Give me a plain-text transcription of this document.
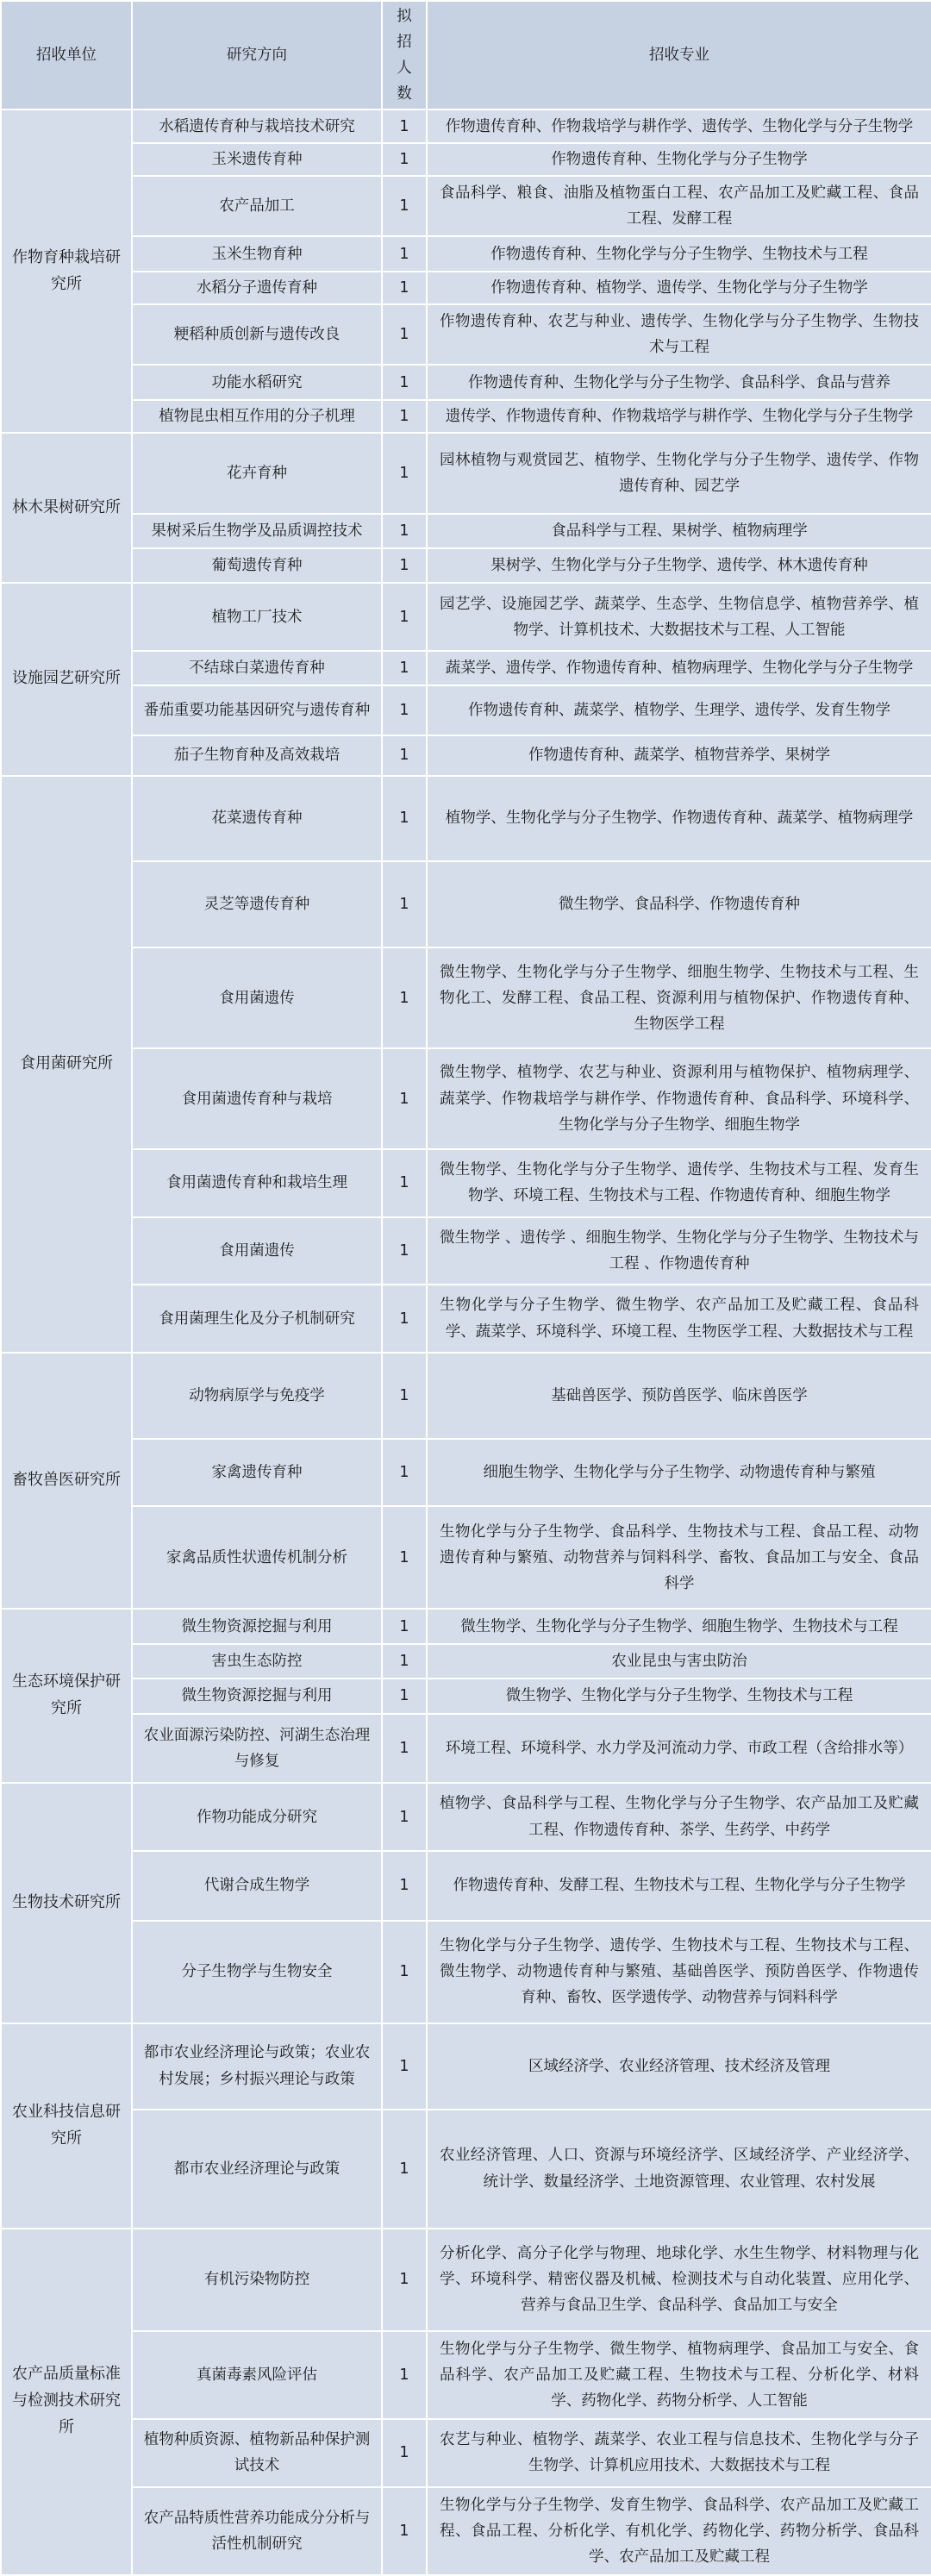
招收单位	研究方向	拟招人数	招收专业
作物育种栽培研究所	水稻遗传育种与栽培技术研究	1	作物遗传育种、作物栽培学与耕作学、遗传学、生物化学与分子生物学
	玉米遗传育种	1	作物遗传育种、生物化学与分子生物学
	农产品加工	1	食品科学、粮食、油脂及植物蛋白工程、农产品加工及贮藏工程、食品工程、发酵工程
	玉米生物育种	1	作物遗传育种、生物化学与分子生物学、生物技术与工程
	水稻分子遗传育种	1	作物遗传育种、植物学、遗传学、生物化学与分子生物学
	粳稻种质创新与遗传改良	1	作物遗传育种、农艺与种业、遗传学、生物化学与分子生物学、生物技术与工程
	功能水稻研究	1	作物遗传育种、生物化学与分子生物学、食品科学、食品与营养
	植物昆虫相互作用的分子机理	1	遗传学、作物遗传育种、作物栽培学与耕作学、生物化学与分子生物学
林木果树研究所	花卉育种	1	园林植物与观赏园艺、植物学、生物化学与分子生物学、遗传学、作物遗传育种、园艺学
	果树采后生物学及品质调控技术	1	食品科学与工程、果树学、植物病理学
	葡萄遗传育种	1	果树学、生物化学与分子生物学、遗传学、林木遗传育种
设施园艺研究所	植物工厂技术	1	园艺学、设施园艺学、蔬菜学、生态学、生物信息学、植物营养学、植物学、计算机技术、大数据技术与工程、人工智能
	不结球白菜遗传育种	1	蔬菜学、遗传学、作物遗传育种、植物病理学、生物化学与分子生物学
	番茄重要功能基因研究与遗传育种	1	作物遗传育种、蔬菜学、植物学、生理学、遗传学、发育生物学
	茄子生物育种及高效栽培	1	作物遗传育种、蔬菜学、植物营养学、果树学
食用菌研究所	花菜遗传育种	1	植物学、生物化学与分子生物学、作物遗传育种、蔬菜学、植物病理学
	灵芝等遗传育种	1	微生物学、食品科学、作物遗传育种
	食用菌遗传	1	微生物学、生物化学与分子生物学、细胞生物学、生物技术与工程、生物化工、发酵工程、食品工程、资源利用与植物保护、作物遗传育种、生物医学工程
	食用菌遗传育种与栽培	1	微生物学、植物学、农艺与种业、资源利用与植物保护、植物病理学、蔬菜学、作物栽培学与耕作学、作物遗传育种、食品科学、环境科学、生物化学与分子生物学、细胞生物学
	食用菌遗传育种和栽培生理	1	微生物学、生物化学与分子生物学、遗传学、生物技术与工程、发育生物学、环境工程、生物技术与工程、作物遗传育种、细胞生物学
	食用菌遗传	1	微生物学 、遗传学 、细胞生物学、生物化学与分子生物学、生物技术与工程 、作物遗传育种
	食用菌理生化及分子机制研究	1	生物化学与分子生物学、微生物学、农产品加工及贮藏工程、食品科学、蔬菜学、环境科学、环境工程、生物医学工程、大数据技术与工程
畜牧兽医研究所	动物病原学与免疫学	1	基础兽医学、预防兽医学、临床兽医学
	家禽遗传育种	1	细胞生物学、生物化学与分子生物学、动物遗传育种与繁殖
	家禽品质性状遗传机制分析	1	生物化学与分子生物学、食品科学、生物技术与工程、食品工程、动物遗传育种与繁殖、动物营养与饲料科学、畜牧、食品加工与安全、食品科学
生态环境保护研究所	微生物资源挖掘与利用	1	微生物学、生物化学与分子生物学、细胞生物学、生物技术与工程
	害虫生态防控	1	农业昆虫与害虫防治
	微生物资源挖掘与利用	1	微生物学、生物化学与分子生物学、生物技术与工程
	农业面源污染防控、河湖生态治理与修复	1	环境工程、环境科学、水力学及河流动力学、市政工程（含给排水等）
生物技术研究所	作物功能成分研究	1	植物学、食品科学与工程、生物化学与分子生物学、农产品加工及贮藏工程、作物遗传育种、茶学、生药学、中药学
	代谢合成生物学	1	作物遗传育种、发酵工程、生物技术与工程、生物化学与分子生物学
	分子生物学与生物安全	1	生物化学与分子生物学、遗传学、生物技术与工程、生物技术与工程、微生物学、动物遗传育种与繁殖、基础兽医学、预防兽医学、作物遗传育种、畜牧、医学遗传学、动物营养与饲料科学
农业科技信息研究所	都市农业经济理论与政策；农业农村发展；乡村振兴理论与政策	1	区域经济学、农业经济管理、技术经济及管理
	都市农业经济理论与政策	1	农业经济管理、人口、资源与环境经济学、区域经济学、产业经济学、统计学、数量经济学、土地资源管理、农业管理、农村发展
农产品质量标准与检测技术研究所	有机污染物防控	1	分析化学、高分子化学与物理、地球化学、水生生物学、材料物理与化学、环境科学、精密仪器及机械、检测技术与自动化装置、应用化学、营养与食品卫生学、食品科学、食品加工与安全
	真菌毒素风险评估	1	生物化学与分子生物学、微生物学、植物病理学、食品加工与安全、食品科学、农产品加工及贮藏工程、生物技术与工程、分析化学、材料学、药物化学、药物分析学、人工智能
	植物种质资源、植物新品种保护测试技术	1	农艺与种业、植物学、蔬菜学、农业工程与信息技术、生物化学与分子生物学、计算机应用技术、大数据技术与工程
	农产品特质性营养功能成分分析与活性机制研究	1	生物化学与分子生物学、发育生物学、食品科学、农产品加工及贮藏工程、食品工程、分析化学、有机化学、药物化学、药物分析学、食品科学、农产品加工及贮藏工程
